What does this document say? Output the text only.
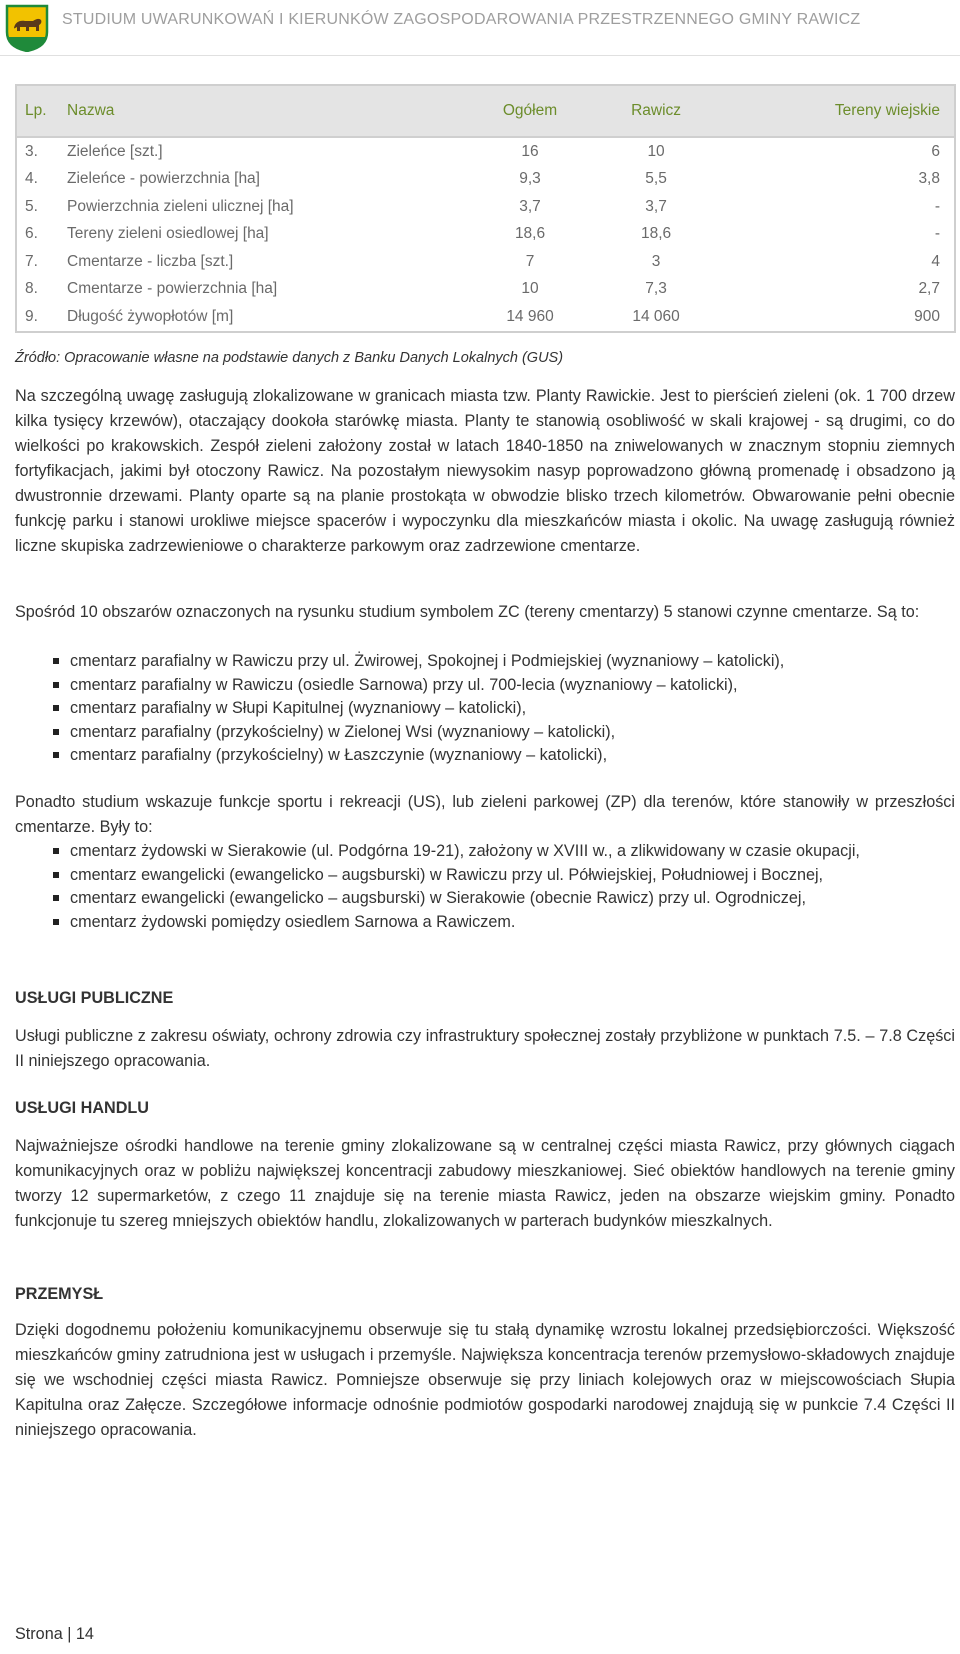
STUDIUM UWARUNKOWAŃ I KIERUNKÓW ZAGOSPODAROWANIA PRZESTRZENNEGO GMINY RAWICZ
Lp.	Nazwa	Ogółem	Rawicz	Tereny wiejskie
3.	Zieleńce [szt.]	16	10	6
4.	Zieleńce - powierzchnia [ha]	9,3	5,5	3,8
5.	Powierzchnia zieleni ulicznej [ha]	3,7	3,7	-
6.	Tereny zieleni osiedlowej [ha]	18,6	18,6	-
7.	Cmentarze - liczba [szt.]	7	3	4
8.	Cmentarze - powierzchnia [ha]	10	7,3	2,7
9.	Długość żywopłotów [m]	14 960	14 060	900
Źródło: Opracowanie własne na podstawie danych z Banku Danych Lokalnych (GUS)
Na szczególną uwagę zasługują zlokalizowane w granicach miasta tzw. Planty Rawickie. Jest to pierścień zieleni (ok. 1 700 drzew kilka tysięcy krzewów), otaczający dookoła starówkę miasta. Planty te stanowią osobliwość w skali krajowej - są drugimi, co do wielkości po krakowskich. Zespół zieleni założony został w latach 1840-1850 na zniwelowanych w znacznym stopniu ziemnych fortyfikacjach, jakimi był otoczony Rawicz. Na pozostałym niewysokim nasyp poprowadzono główną promenadę i obsadzono ją dwustronnie drzewami. Planty oparte są na planie prostokąta w obwodzie blisko trzech kilometrów. Obwarowanie pełni obecnie funkcję parku i stanowi urokliwe miejsce spacerów i wypoczynku dla mieszkańców miasta i okolic. Na uwagę zasługują również liczne skupiska zadrzewieniowe o charakterze parkowym oraz zadrzewione cmentarze.
Spośród 10 obszarów oznaczonych na rysunku studium symbolem ZC (tereny cmentarzy) 5 stanowi czynne cmentarze. Są to:
cmentarz parafialny w Rawiczu przy ul. Żwirowej, Spokojnej i Podmiejskiej (wyznaniowy – katolicki),
cmentarz parafialny w Rawiczu (osiedle Sarnowa) przy ul. 700-lecia (wyznaniowy – katolicki),
cmentarz parafialny w Słupi Kapitulnej (wyznaniowy – katolicki),
cmentarz parafialny (przykościelny) w Zielonej Wsi (wyznaniowy – katolicki),
cmentarz parafialny (przykościelny) w Łaszczynie (wyznaniowy – katolicki),
Ponadto studium wskazuje funkcje sportu i rekreacji (US), lub zieleni parkowej (ZP) dla terenów, które stanowiły w przeszłości cmentarze. Były to:
cmentarz żydowski w Sierakowie (ul. Podgórna 19-21), założony w XVIII w., a zlikwidowany w czasie okupacji,
cmentarz ewangelicki (ewangelicko – augsburski) w Rawiczu przy ul. Półwiejskiej, Południowej i Bocznej,
cmentarz ewangelicki (ewangelicko – augsburski) w Sierakowie (obecnie Rawicz) przy ul. Ogrodniczej,
cmentarz żydowski pomiędzy osiedlem Sarnowa a Rawiczem.
USŁUGI PUBLICZNE
Usługi publiczne z zakresu oświaty, ochrony zdrowia czy infrastruktury społecznej zostały przybliżone w punktach 7.5. – 7.8 Części II niniejszego opracowania.
USŁUGI HANDLU
Najważniejsze ośrodki handlowe na terenie gminy zlokalizowane są w centralnej części miasta Rawicz, przy głównych ciągach komunikacyjnych oraz w pobliżu największej koncentracji zabudowy mieszkaniowej. Sieć obiektów handlowych na terenie gminy tworzy 12 supermarketów, z czego 11 znajduje się na terenie miasta Rawicz, jeden na obszarze wiejskim gminy. Ponadto funkcjonuje tu szereg mniejszych obiektów handlu, zlokalizowanych w parterach budynków mieszkalnych.
PRZEMYSŁ
Dzięki dogodnemu położeniu komunikacyjnemu obserwuje się tu stałą dynamikę wzrostu lokalnej przedsiębiorczości. Większość mieszkańców gminy zatrudniona jest w usługach i przemyśle. Największa koncentracja terenów przemysłowo-składowych znajduje się we wschodniej części miasta Rawicz. Pomniejsze obserwuje się przy liniach kolejowych oraz w miejscowościach Słupia Kapitulna oraz Załęcze. Szczegółowe informacje odnośnie podmiotów gospodarki narodowej znajdują się w punkcie 7.4 Części II niniejszego opracowania.
Strona | 14
